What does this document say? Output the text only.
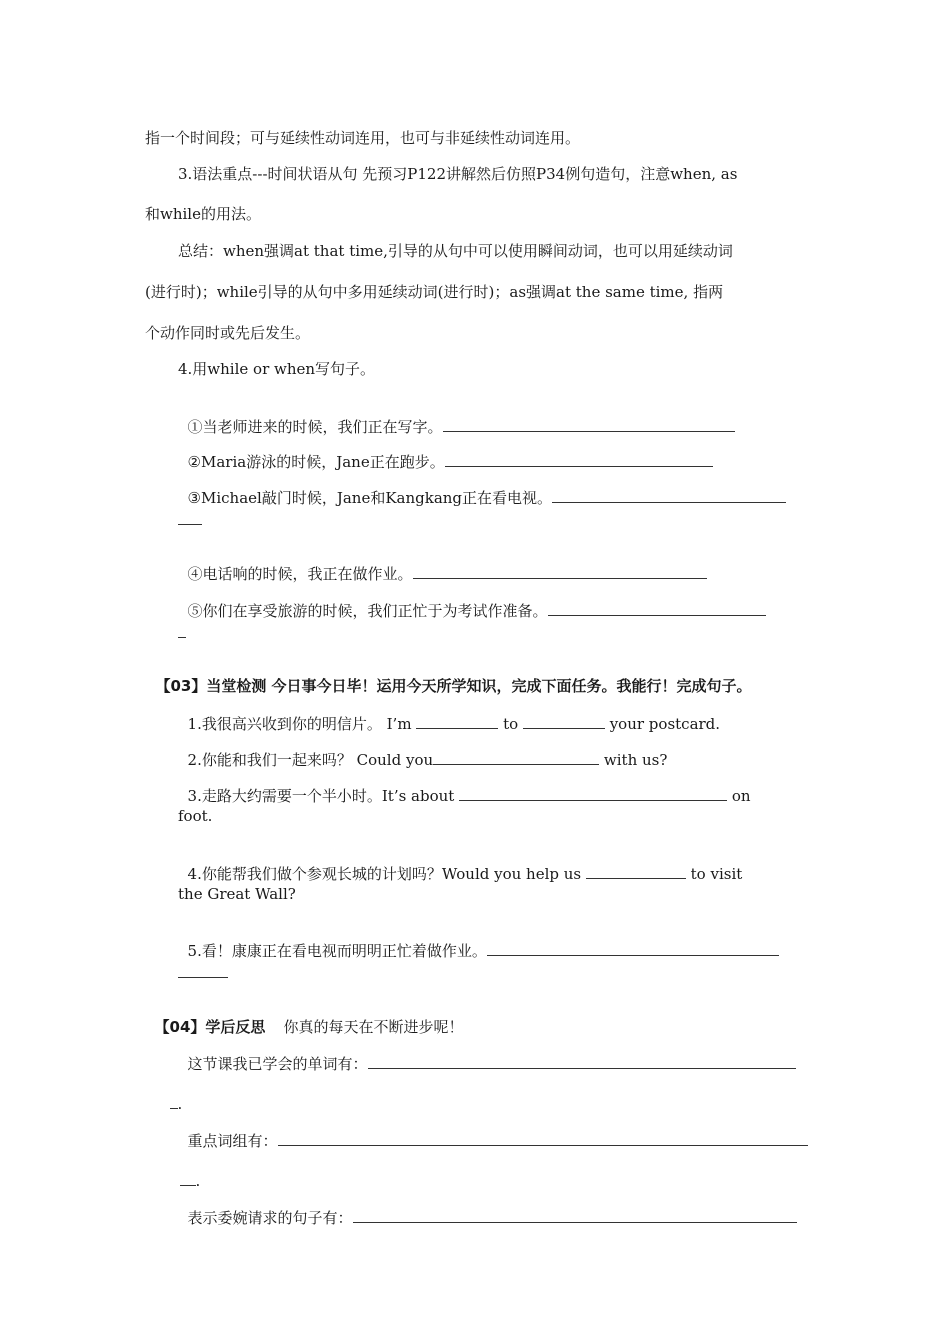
指一个时间段；可与延续性动词连用，也可与非延续性动词连用。
3.语法重点---时间状语从句 先预习P122讲解然后仿照P34例句造句，注意when, as
和while的用法。
总结：when强调at that time,引导的从句中可以使用瞬间动词，也可以用延续动词
(进行时)；while引导的从句中多用延续动词(进行时)；as强调at the same time, 指两
个动作同时或先后发生。
4.用while or when写句子。

①当老师进来的时候，我们正在写字。

②Maria游泳的时候，Jane正在跑步。

③Michael敲门时候，Jane和Kangkang正在看电视。

④电话响的时候，我正在做作业。

⑤你们在享受旅游的时候，我们正忙于为考试作准备。

【03】当堂检测 今日事今日毕！运用今天所学知识，完成下面任务。我能行！完成句子。

1.我很高兴收到你的明信片。 I’m	to	your postcard.

2.你能和我们一起来吗？ Could you	with us?

3.走路大约需要一个半小时。It’s about	on

foot.

4.你能帮我们做个参观长城的计划吗？Would you help us	to visit

the Great Wall?

5.看！康康正在看电视而明明正忙着做作业。

【04】学后反思 你真的每天在不断进步呢！

这节课我已学会的单词有：

.

重点词组有：

.

表示委婉请求的句子有：
